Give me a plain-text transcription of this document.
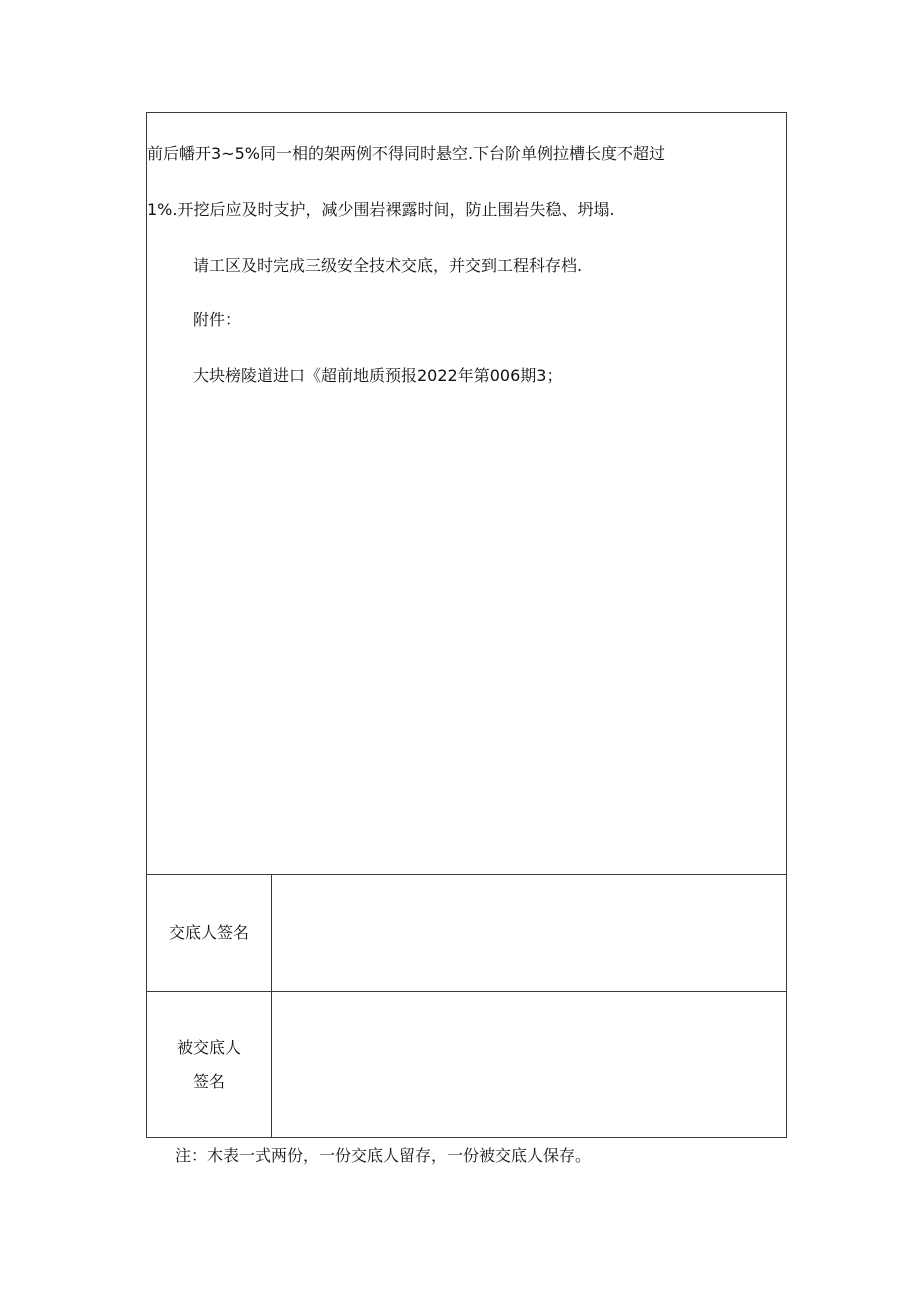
前后幡开3~5%同一相的架两例不得同时悬空.下台阶单例拉槽长度不超过
1%.开挖后应及时支护，减少围岩裸露时间，防止围岩失稳、坍塌.
请工区及时完成三级安全技术交底，并交到工程科存档.
附件：
大块榜陵道进口《超前地质预报2022年第006期3；
交底人签名
被交底人
签名
注：木表一式两份，一份交底人留存，一份被交底人保存。
